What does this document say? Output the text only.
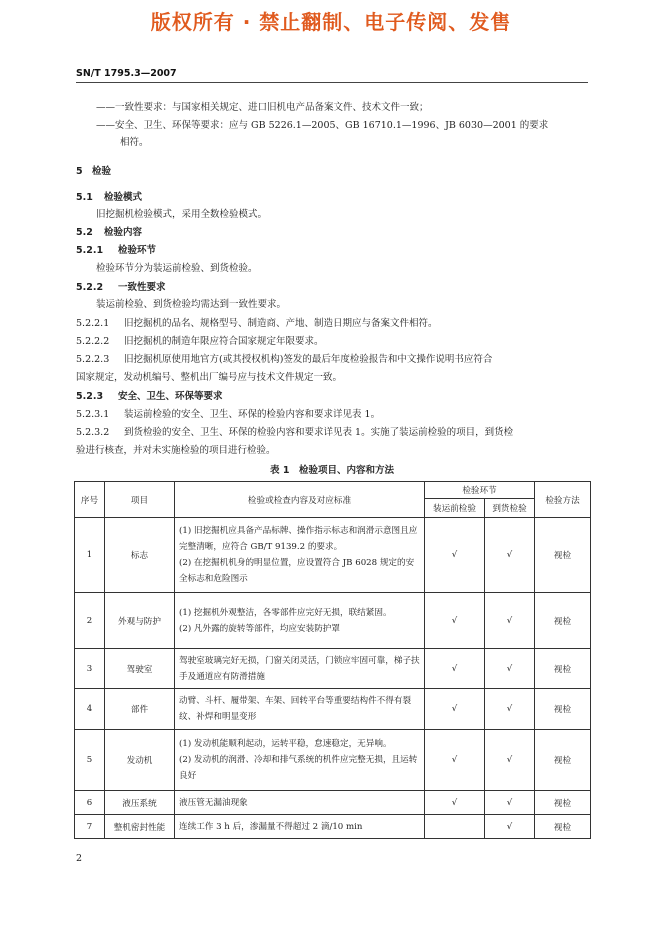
版权所有 · 禁止翻制、电子传阅、发售
SN/T 1795.3—2007
——一致性要求：与国家相关规定、进口旧机电产品备案文件、技术文件一致；
——安全、卫生、环保等要求：应与 GB 5226.1—2005、GB 16710.1—1996、JB 6030—2001 的要求
相符。
5 检验
5.1 检验模式
旧挖掘机检验模式，采用全数检验模式。
5.2 检验内容
5.2.1 检验环节
检验环节分为装运前检验、到货检验。
5.2.2 一致性要求
装运前检验、到货检验均需达到一致性要求。
5.2.2.1 旧挖掘机的品名、规格型号、制造商、产地、制造日期应与备案文件相符。
5.2.2.2 旧挖掘机的制造年限应符合国家规定年限要求。
5.2.2.3 旧挖掘机原使用地官方(或其授权机构)签发的最后年度检验报告和中文操作说明书应符合
国家规定，发动机编号、整机出厂编号应与技术文件规定一致。
5.2.3 安全、卫生、环保等要求
5.2.3.1 装运前检验的安全、卫生、环保的检验内容和要求详见表 1。
5.2.3.2 到货检验的安全、卫生、环保的检验内容和要求详见表 1。实施了装运前检验的项目，到货检
验进行核查，并对未实施检验的项目进行检验。
表 1　检验项目、内容和方法
序号	项目	检验或检查内容及对应标准	检验环节		检验方法
			装运前检验	到货检验	
1	标志	(1) 旧挖掘机应具备产品标牌、操作指示标志和润滑示意图且应完整清晰，应符合 GB/T 9139.2 的要求。

(2) 在挖掘机机身的明显位置，应设置符合 JB 6028 规定的安全标志和危险图示	√	√	视检
2	外观与防护	(1) 挖掘机外观整洁，各零部件应完好无损，联结紧固。

(2) 凡外露的旋转等部件，均应安装防护罩	√	√	视检
3	驾驶室	驾驶室玻璃完好无损，门窗关闭灵活，门锁应牢固可靠，梯子扶手及通道应有防滑措施	√	√	视检
4	部件	动臂、斗杆、履带架、车架、回转平台等重要结构件不得有裂纹、补焊和明显变形	√	√	视检
5	发动机	(1) 发动机能顺利起动，运转平稳，怠速稳定，无异响。

(2) 发动机的润滑、冷却和排气系统的机件应完整无损，且运转良好	√	√	视检
6	液压系统	液压管无漏油现象	√	√	视检
7	整机密封性能	连续工作 3 h 后，渗漏量不得超过 2 滴/10 min		√	视检
2
